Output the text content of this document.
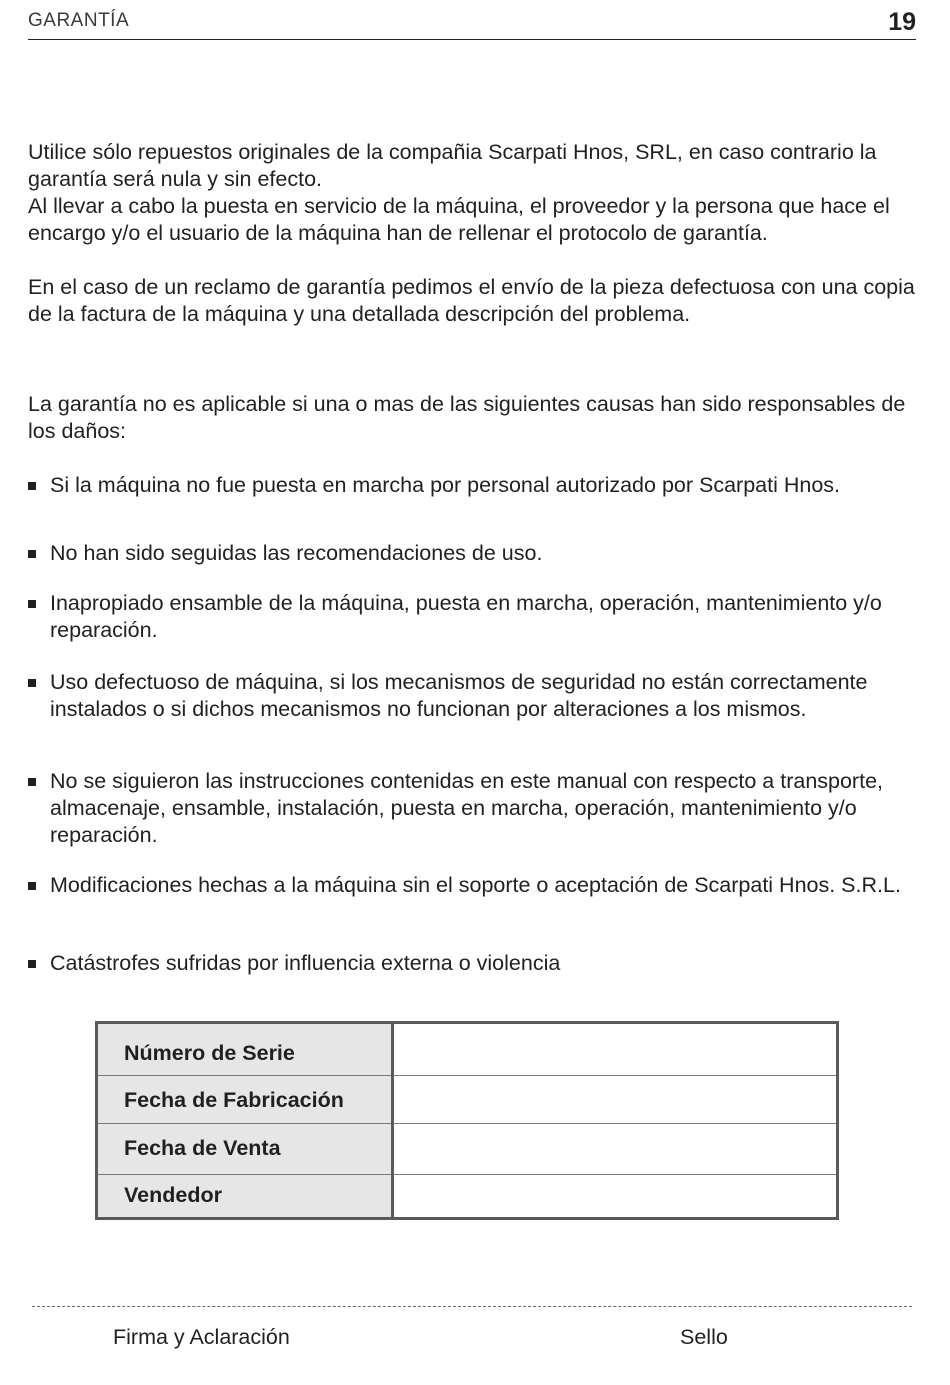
GARANTÍA	19

Utilice sólo repuestos originales de la compañia Scarpati Hnos, SRL, en caso contrario la garantía será nula y sin efecto.

Al llevar a cabo la puesta en servicio de la máquina, el proveedor y la persona que hace el encargo y/o el usuario de la máquina han de rellenar el protocolo de garantía.

En el caso de un reclamo de garantía pedimos el envío de la pieza defectuosa con una copia de la factura de la máquina y una detallada descripción del problema.

La garantía no es aplicable si una o mas de las siguientes causas han sido responsables de los daños:

Si la máquina no fue puesta en marcha por personal autorizado por Scarpati Hnos.
No han sido seguidas las recomendaciones de uso.
Inapropiado ensamble de la máquina, puesta en marcha, operación, mantenimiento y/o reparación.
Uso defectuoso de máquina, si los mecanismos de seguridad no están correctamente instalados o si dichos mecanismos no funcionan por alteraciones a los mismos.
No se siguieron las instrucciones contenidas en este manual con respecto a transporte, almacenaje, ensamble, instalación, puesta en marcha, operación, mantenimiento y/o reparación.
Modificaciones hechas a la máquina sin el soporte o aceptación de Scarpati Hnos. S.R.L.
Catástrofes sufridas por influencia externa o violencia
Número de Serie
Fecha de Fabricación
Fecha de Venta
Vendedor
Firma y Aclaración	Sello
